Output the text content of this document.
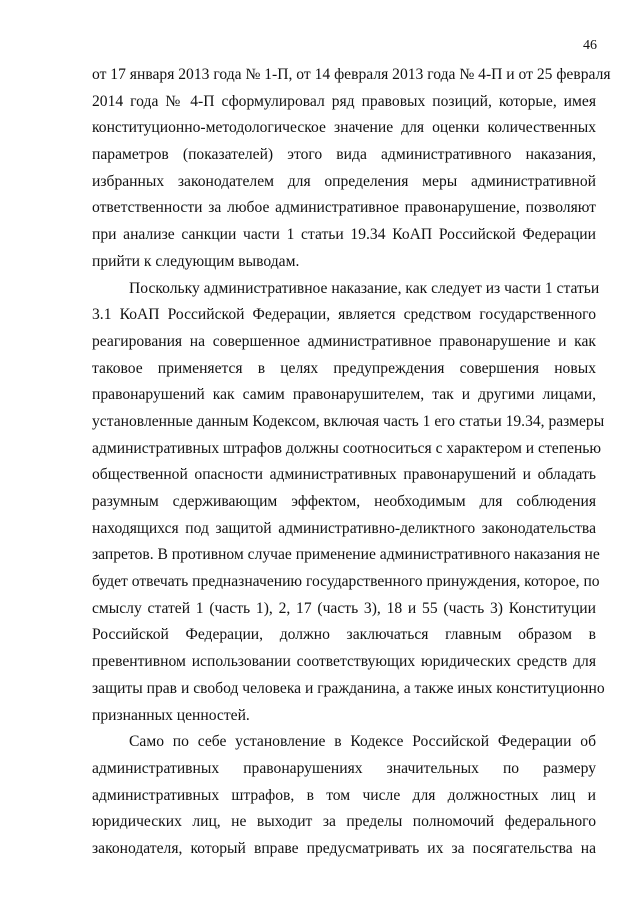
46
от 17 января 2013 года № 1-П, от 14 февраля 2013 года № 4-П и от 25 февраля
2014 года № 4-П сформулировал ряд правовых позиций, которые, имея
конституционно-методологическое значение для оценки количественных
параметров (показателей) этого вида административного наказания,
избранных законодателем для определения меры административной
ответственности за любое административное правонарушение, позволяют
при анализе санкции части 1 статьи 19.34 КоАП Российской Федерации
прийти к следующим выводам.
Поскольку административное наказание, как следует из части 1 статьи
3.1 КоАП Российской Федерации, является средством государственного
реагирования на совершенное административное правонарушение и как
таковое применяется в целях предупреждения совершения новых
правонарушений как самим правонарушителем, так и другими лицами,
установленные данным Кодексом, включая часть 1 его статьи 19.34, размеры
административных штрафов должны соотноситься с характером и степенью
общественной опасности административных правонарушений и обладать
разумным сдерживающим эффектом, необходимым для соблюдения
находящихся под защитой административно-деликтного законодательства
запретов. В противном случае применение административного наказания не
будет отвечать предназначению государственного принуждения, которое, по
смыслу статей 1 (часть 1), 2, 17 (часть 3), 18 и 55 (часть 3) Конституции
Российской Федерации, должно заключаться главным образом в
превентивном использовании соответствующих юридических средств для
защиты прав и свобод человека и гражданина, а также иных конституционно
признанных ценностей.
Само по себе установление в Кодексе Российской Федерации об
административных правонарушениях значительных по размеру
административных штрафов, в том числе для должностных лиц и
юридических лиц, не выходит за пределы полномочий федерального
законодателя, который вправе предусматривать их за посягательства на
